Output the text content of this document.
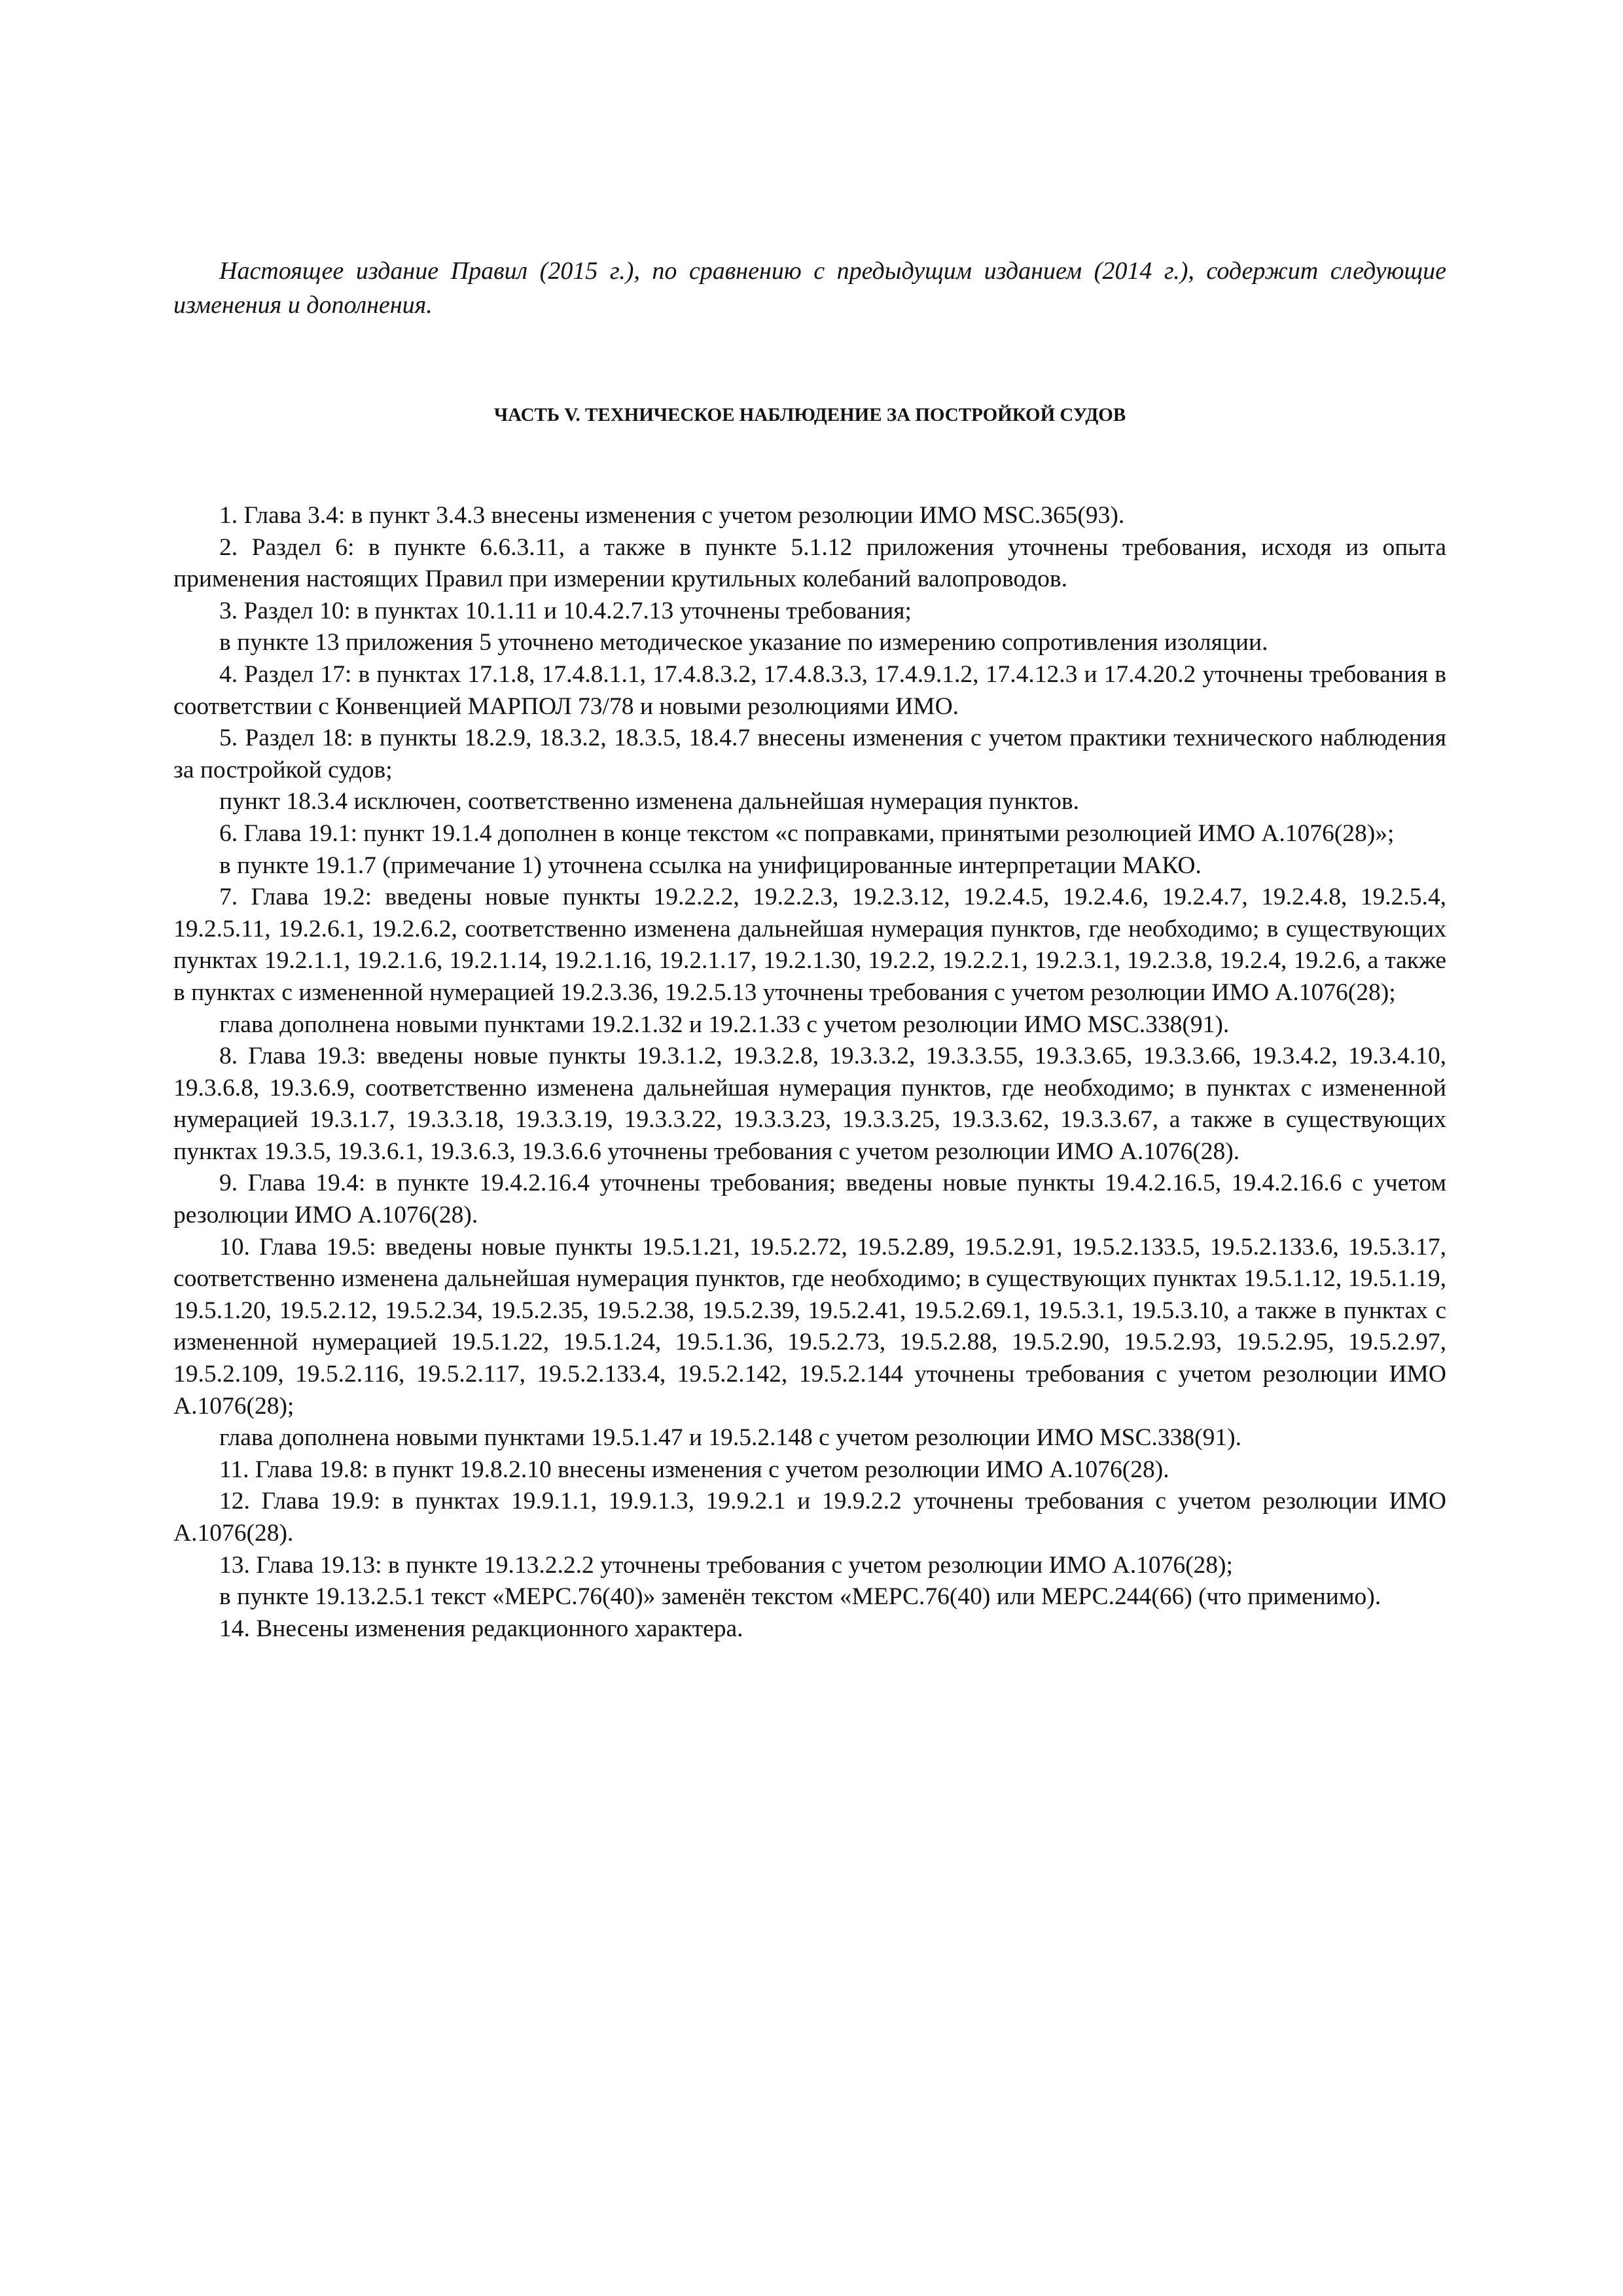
Настоящее издание Правил (2015 г.), по сравнению с предыдущим изданием (2014 г.), содержит следующие изменения и дополнения.

ЧАСТЬ V. ТЕХНИЧЕСКОЕ НАБЛЮДЕНИЕ ЗА ПОСТРОЙКОЙ СУДОВ

1. Глава 3.4: в пункт 3.4.3 внесены изменения с учетом резолюции ИМО MSC.365(93).

2. Раздел 6: в пункте 6.6.3.11, а также в пункте 5.1.12 приложения уточнены требования, исходя из опыта применения настоящих Правил при измерении крутильных колебаний валопроводов.

3. Раздел 10: в пунктах 10.1.11 и 10.4.2.7.13 уточнены требования;

в пункте 13 приложения 5 уточнено методическое указание по измерению сопротивления изоляции.

4. Раздел 17: в пунктах 17.1.8, 17.4.8.1.1, 17.4.8.3.2, 17.4.8.3.3, 17.4.9.1.2, 17.4.12.3 и 17.4.20.2 уточнены требования в соответствии с Конвенцией МАРПОЛ 73/78 и новыми резолюциями ИМО.

5. Раздел 18: в пункты 18.2.9, 18.3.2, 18.3.5, 18.4.7 внесены изменения с учетом практики технического наблюдения за постройкой судов;

пункт 18.3.4 исключен, соответственно изменена дальнейшая нумерация пунктов.

6. Глава 19.1: пункт 19.1.4 дополнен в конце текстом «с поправками, принятыми резолюцией ИМО A.1076(28)»;

в пункте 19.1.7 (примечание 1) уточнена ссылка на унифицированные интерпретации МАКО.

7. Глава 19.2: введены новые пункты 19.2.2.2, 19.2.2.3, 19.2.3.12, 19.2.4.5, 19.2.4.6, 19.2.4.7, 19.2.4.8, 19.2.5.4, 19.2.5.11, 19.2.6.1, 19.2.6.2, соответственно изменена дальнейшая нумерация пунктов, где необходимо; в существующих пунктах 19.2.1.1, 19.2.1.6, 19.2.1.14, 19.2.1.16, 19.2.1.17, 19.2.1.30, 19.2.2, 19.2.2.1, 19.2.3.1, 19.2.3.8, 19.2.4, 19.2.6, а также в пунктах с измененной нумерацией 19.2.3.36, 19.2.5.13 уточнены требования с учетом резолюции ИМО A.1076(28);

глава дополнена новыми пунктами 19.2.1.32 и 19.2.1.33 с учетом резолюции ИМО MSC.338(91).

8. Глава 19.3: введены новые пункты 19.3.1.2, 19.3.2.8, 19.3.3.2, 19.3.3.55, 19.3.3.65, 19.3.3.66, 19.3.4.2, 19.3.4.10, 19.3.6.8, 19.3.6.9, соответственно изменена дальнейшая нумерация пунктов, где необходимо; в пунктах с измененной нумерацией 19.3.1.7, 19.3.3.18, 19.3.3.19, 19.3.3.22, 19.3.3.23, 19.3.3.25, 19.3.3.62, 19.3.3.67, а также в существующих пунктах 19.3.5, 19.3.6.1, 19.3.6.3, 19.3.6.6 уточнены требования с учетом резолюции ИМО A.1076(28).

9. Глава 19.4: в пункте 19.4.2.16.4 уточнены требования; введены новые пункты 19.4.2.16.5, 19.4.2.16.6 с учетом резолюции ИМО A.1076(28).

10. Глава 19.5: введены новые пункты 19.5.1.21, 19.5.2.72, 19.5.2.89, 19.5.2.91, 19.5.2.133.5, 19.5.2.133.6, 19.5.3.17, соответственно изменена дальнейшая нумерация пунктов, где необходимо; в существующих пунктах 19.5.1.12, 19.5.1.19, 19.5.1.20, 19.5.2.12, 19.5.2.34, 19.5.2.35, 19.5.2.38, 19.5.2.39, 19.5.2.41, 19.5.2.69.1, 19.5.3.1, 19.5.3.10, а также в пунктах с измененной нумерацией 19.5.1.22, 19.5.1.24, 19.5.1.36, 19.5.2.73, 19.5.2.88, 19.5.2.90, 19.5.2.93, 19.5.2.95, 19.5.2.97, 19.5.2.109, 19.5.2.116, 19.5.2.117, 19.5.2.133.4, 19.5.2.142, 19.5.2.144 уточнены требования с учетом резолюции ИМО A.1076(28);

глава дополнена новыми пунктами 19.5.1.47 и 19.5.2.148 с учетом резолюции ИМО MSC.338(91).

11. Глава 19.8: в пункт 19.8.2.10 внесены изменения с учетом резолюции ИМО A.1076(28).

12. Глава 19.9: в пунктах 19.9.1.1, 19.9.1.3, 19.9.2.1 и 19.9.2.2 уточнены требования с учетом резолюции ИМО A.1076(28).

13. Глава 19.13: в пункте 19.13.2.2.2 уточнены требования с учетом резолюции ИМО A.1076(28);

в пункте 19.13.2.5.1 текст «МЕРС.76(40)» заменён текстом «МЕРС.76(40) или МЕРС.244(66) (что применимо).

14. Внесены изменения редакционного характера.
